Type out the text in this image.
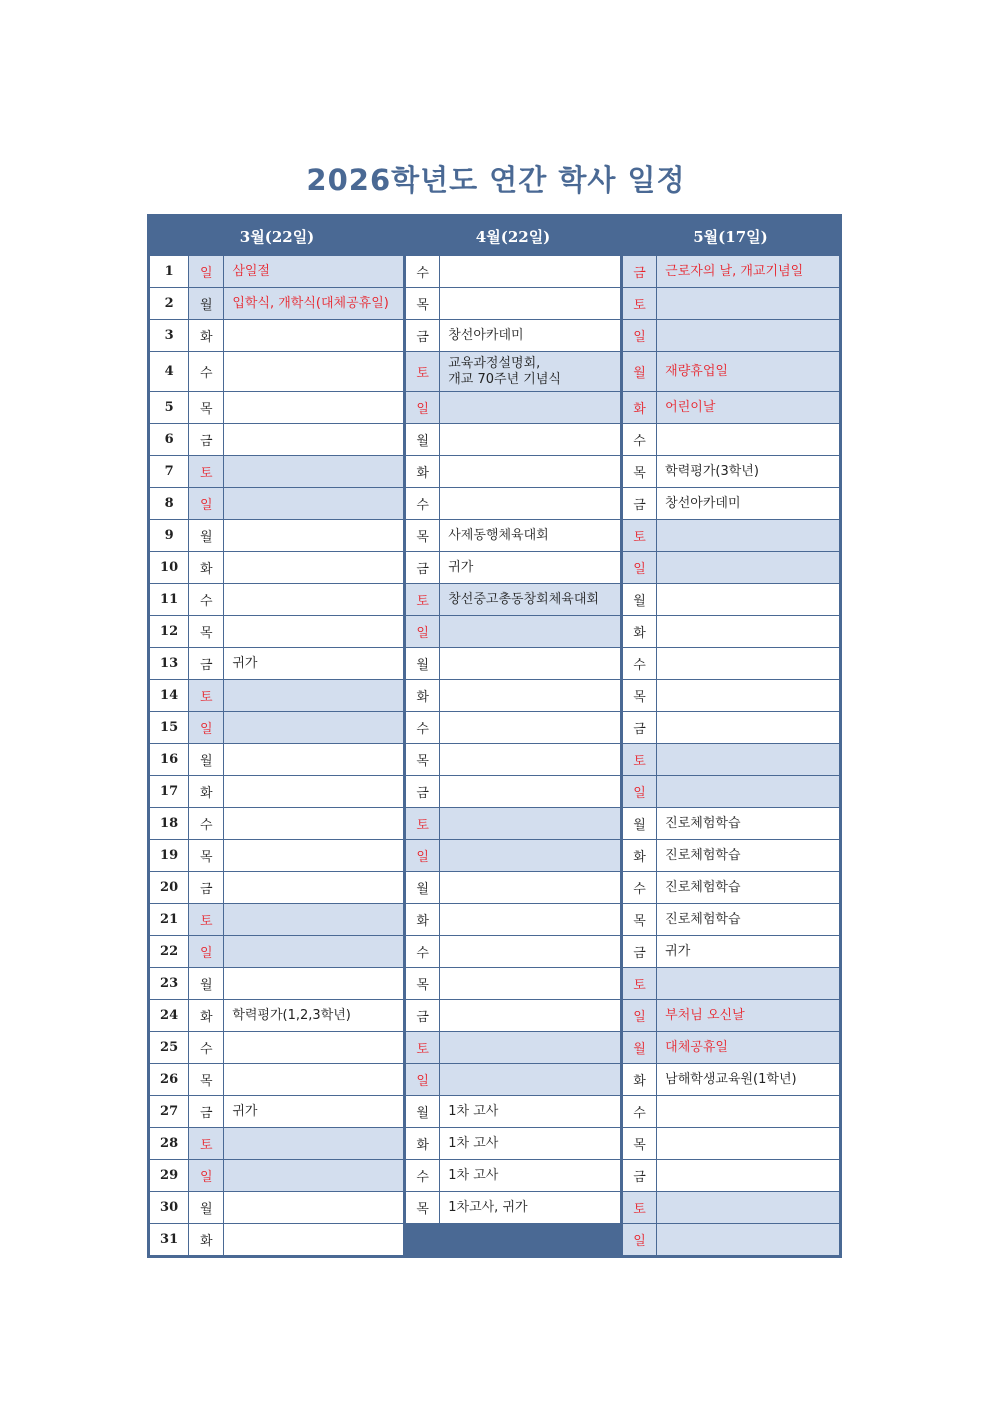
2026학년도 연간 학사 일정
3월(22일)			4월(22일)		5월(17일)	
1	일	삼일절	수		금	근로자의 날, 개교기념일
2	월	입학식, 개학식(대체공휴일)	목		토	
3	화		금	창선아카데미	일	
4	수		토	교육과정설명회,
개교 70주년 기념식	월	재량휴업일
5	목		일		화	어린이날
6	금		월		수	
7	토		화		목	학력평가(3학년)
8	일		수		금	창선아카데미
9	월		목	사제동행체육대회	토	
10	화		금	귀가	일	
11	수		토	창선중고총동창회체육대회	월	
12	목		일		화	
13	금	귀가	월		수	
14	토		화		목	
15	일		수		금	
16	월		목		토	
17	화		금		일	
18	수		토		월	진로체험학습
19	목		일		화	진로체험학습
20	금		월		수	진로체험학습
21	토		화		목	진로체험학습
22	일		수		금	귀가
23	월		목		토	
24	화	학력평가(1,2,3학년)	금		일	부처님 오신날
25	수		토		월	대체공휴일
26	목		일		화	남해학생교육원(1학년)
27	금	귀가	월	1차 고사	수	
28	토		화	1차 고사	목	
29	일		수	1차 고사	금	
30	월		목	1차고사, 귀가	토	
31	화				일	
